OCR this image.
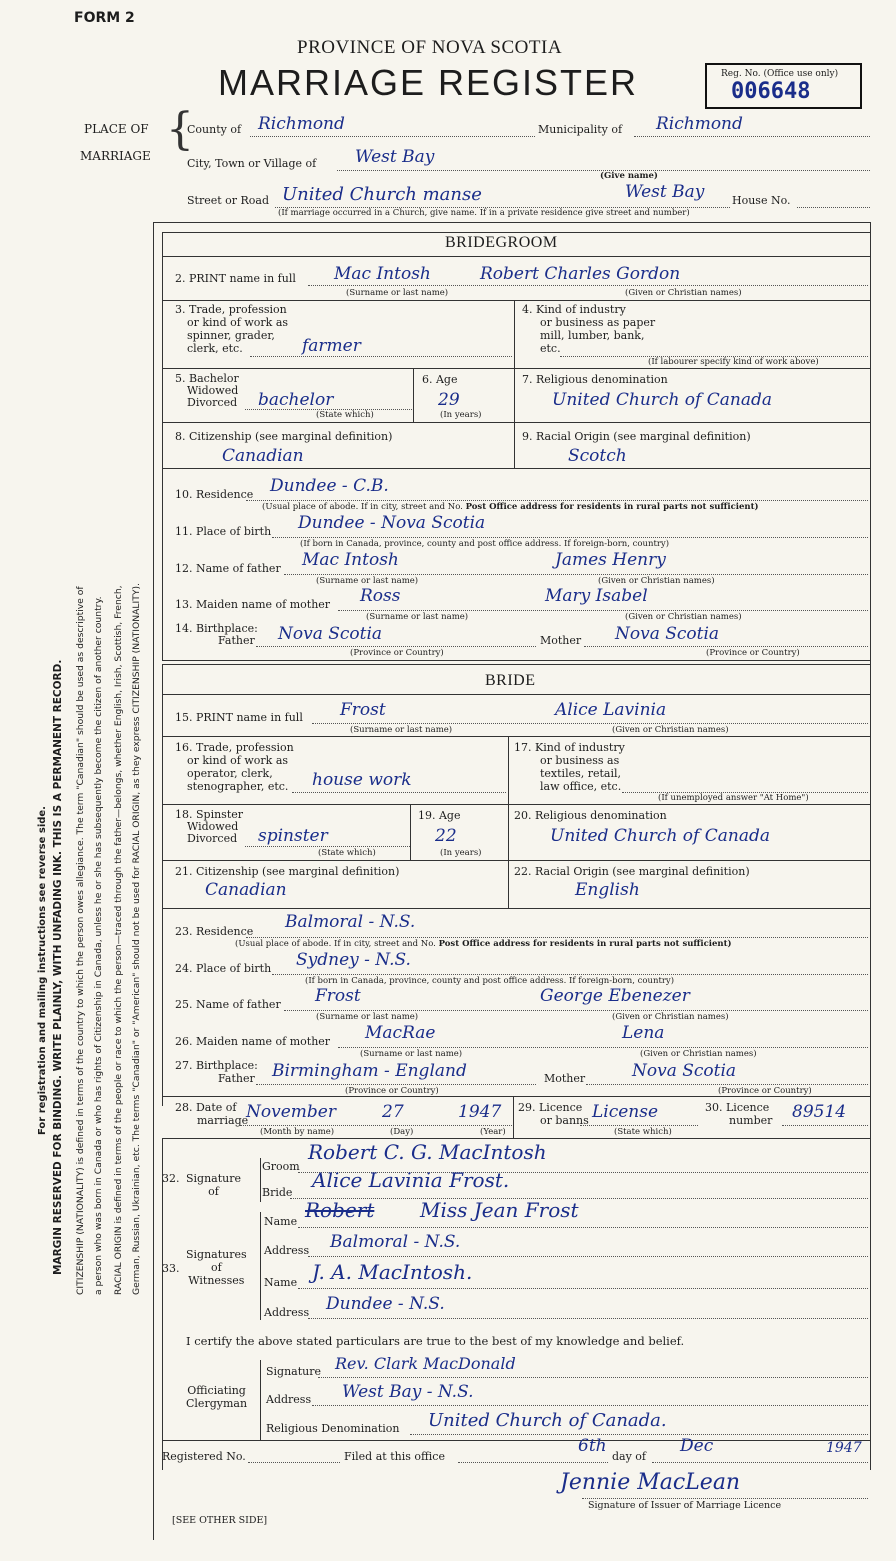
FORM 2
PROVINCE OF NOVA SCOTIA
MARRIAGE REGISTER	Reg. No. (Office use only)
006648
PLACE OF
MARRIAGE
{
County of Richmond	Municipality of Richmond
City, Town or Village of West Bay
(Give name)
Street or Road United Church manse	West Bay	House No.
(If marriage occurred in a Church, give name. If in a private residence give street and number)
For registration and mailing instructions see reverse side. MARGIN RESERVED FOR BINDING. WRITE PLAINLY, WITH UNFADING INK. THIS IS A PERMANENT RECORD. CITIZENSHIP (NATIONALITY) is defined in terms of the country to which the person owes allegiance. The term "Canadian" should be used as descriptive of a person who was born in Canada or who has rights of Citizenship in Canada, unless he or she has subsequently become the citizen of another country. RACIAL ORIGIN is defined in terms of the people or race to which the person—traced through the father—belongs, whether English, Irish, Scottish, French, German, Russian, Ukrainian, etc. The terms "Canadian" or "American" should not be used for RACIAL ORIGIN, as they express CITIZENSHIP (NATIONALITY).
BRIDEGROOM
2. PRINT name in full Mac Intosh	Robert Charles Gordon
(Surname or last name)	(Given or Christian names)
3. Trade, profession
or kind of work as
spinner, grader,
clerk, etc.	farmer
4. Kind of industry
or business as paper
mill, lumber, bank,
etc.
(If labourer specify kind of work above)
5. Bachelor
Widowed
Divorced bachelor
(State which)
6. Age
29
(In years)
7. Religious denomination
United Church of Canada
8. Citizenship (see marginal definition)
Canadian
9. Racial Origin (see marginal definition)
Scotch
10. Residence Dundee - C.B.
(Usual place of abode. If in city, street and No. Post Office address for residents in rural parts not sufficient)
11. Place of birth Dundee - Nova Scotia
(If born in Canada, province, county and post office address. If foreign-born, country)
12. Name of father Mac Intosh	James Henry
(Surname or last name)	(Given or Christian names)
13. Maiden name of mother Ross	Mary Isabel
(Surname or last name)	(Given or Christian names)
14. Birthplace:
Father Nova Scotia	Mother Nova Scotia
(Province or Country)	(Province or Country)
BRIDE
15. PRINT name in full Frost	Alice Lavinia
(Surname or last name)	(Given or Christian names)
16. Trade, profession
or kind of work as
operator, clerk,
stenographer, etc.	house work
17. Kind of industry
or business as
textiles, retail,
law office, etc.
(If unemployed answer "At Home")
18. Spinster
Widowed
Divorced	spinster
(State which)
19. Age
22
(In years)
20. Religious denomination
United Church of Canada
21. Citizenship (see marginal definition)
Canadian
22. Racial Origin (see marginal definition)
English
23. Residence Balmoral - N.S.
(Usual place of abode. If in city, street and No. Post Office address for residents in rural parts not sufficient)
24. Place of birth Sydney - N.S.
(If born in Canada, province, county and post office address. If foreign-born, country)
25. Name of father Frost	George Ebenezer
(Surname or last name)	(Given or Christian names)
26. Maiden name of mother MacRae	Lena
(Surname or last name)	(Given or Christian names)
27. Birthplace:
Father Birmingham - England	Mother	Nova Scotia
(Province or Country)	(Province or Country)
28. Date of
marriage
November	27	1947
(Month by name)	(Day)	(Year)
29. Licence
or banns License
(State which)
30. Licence
number 89514
32. Signature
of
Groom
Robert C. G. MacIntosh
Bride
Alice Lavinia Frost.
33.
Signatures
of
Witnesses
Name Robert Miss Jean Frost
Address Balmoral - N.S.
Name J. A. MacIntosh.
Address Dundee - N.S.
I certify the above stated particulars are true to the best of my knowledge and belief.
Officiating
Clergyman
Signature Rev. Clark MacDonald
Address West Bay - N.S.
Religious Denomination United Church of Canada.
Registered No.	Filed at this office
6th
day of
Dec	1947
Jennie MacLean
Signature of Issuer of Marriage Licence
[SEE OTHER SIDE]
